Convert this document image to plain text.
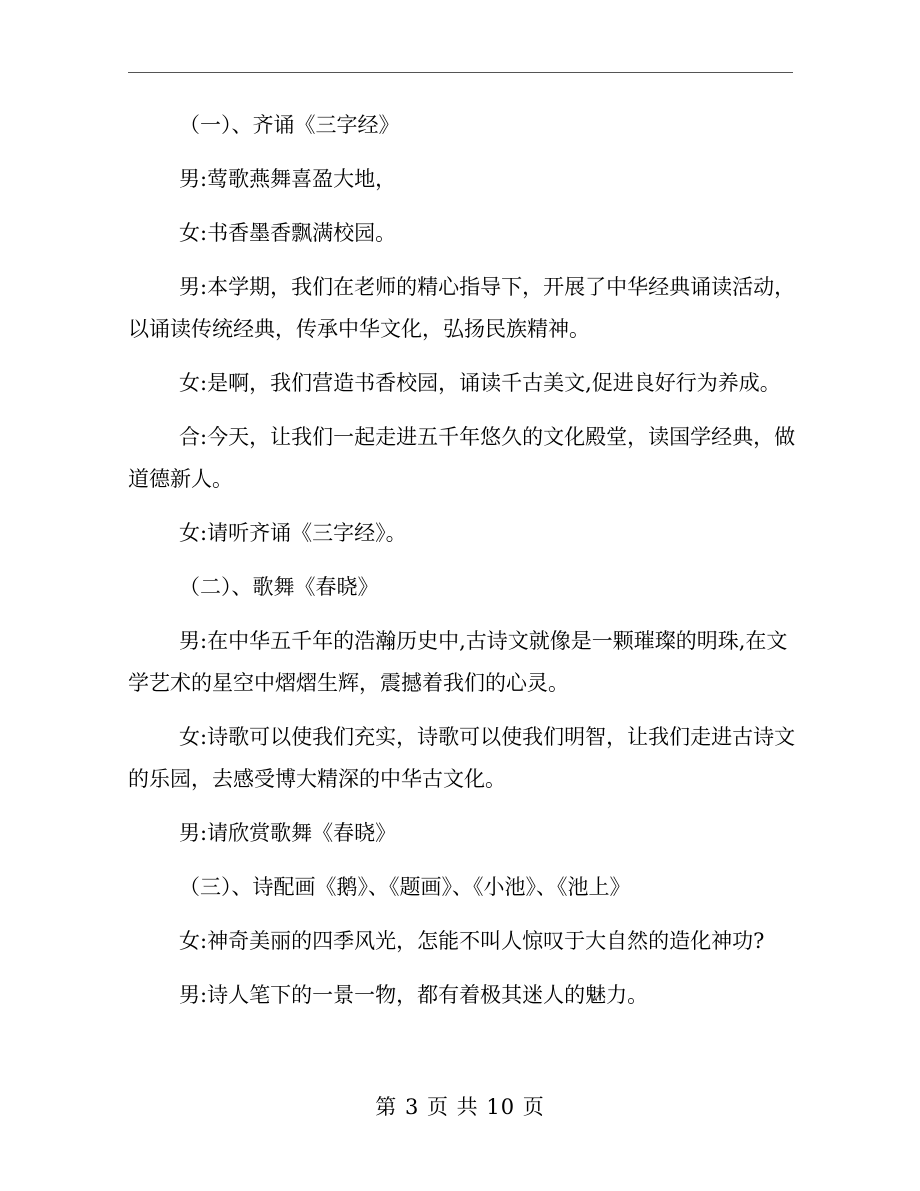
（一）、齐诵《三字经》

男:莺歌燕舞喜盈大地，

女:书香墨香飘满校园。

男:本学期，我们在老师的精心指导下，开展了中华经典诵读活动，以诵读传统经典，传承中华文化，弘扬民族精神。

女:是啊，我们营造书香校园，诵读千古美文,促进良好行为养成。

合:今天，让我们一起走进五千年悠久的文化殿堂，读国学经典，做道德新人。

女:请听齐诵《三字经》。

（二）、歌舞《春晓》

男:在中华五千年的浩瀚历史中,古诗文就像是一颗璀璨的明珠,在文学艺术的星空中熠熠生辉，震撼着我们的心灵。

女:诗歌可以使我们充实，诗歌可以使我们明智，让我们走进古诗文的乐园，去感受博大精深的中华古文化。

男:请欣赏歌舞《春晓》

（三）、诗配画《鹅》、《题画》、《小池》、《池上》

女:神奇美丽的四季风光，怎能不叫人惊叹于大自然的造化神功?

男:诗人笔下的一景一物，都有着极其迷人的魅力。

第 3 页 共 10 页
